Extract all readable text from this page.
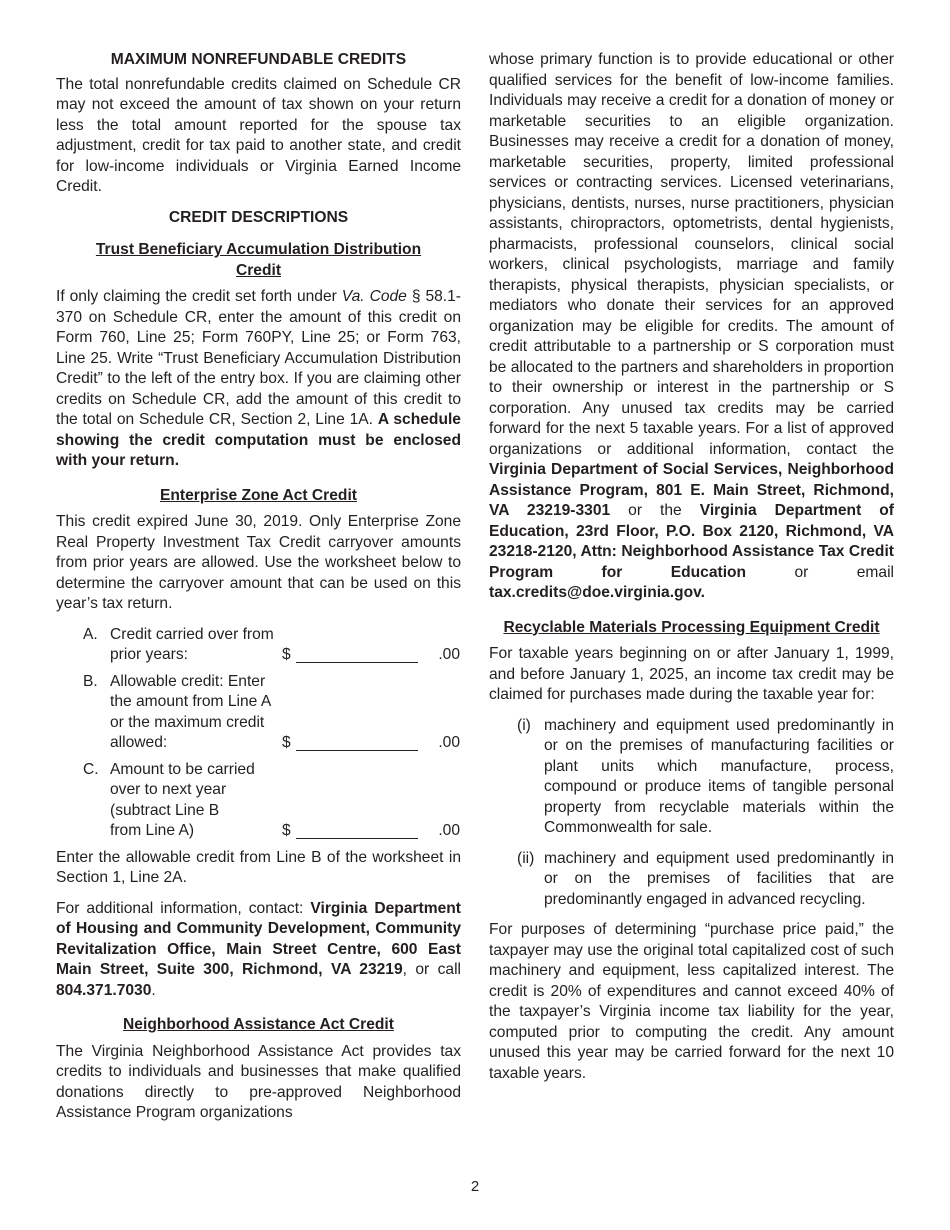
MAXIMUM NONREFUNDABLE CREDITS

The total nonrefundable credits claimed on Schedule CR may not exceed the amount of tax shown on your return less the total amount reported for the spouse tax adjustment, credit for tax paid to another state, and credit for low-income individuals or Virginia Earned Income Credit.

CREDIT DESCRIPTIONS
Trust Beneficiary Accumulation Distribution Credit

If only claiming the credit set forth under Va. Code § 58.1-370 on Schedule CR, enter the amount of this credit on Form 760, Line 25; Form 760PY, Line 25; or Form 763, Line 25. Write “Trust Beneficiary Accumulation Distribution Credit” to the left of the entry box. If you are claiming other credits on Schedule CR, add the amount of this credit to the total on Schedule CR, Section 2, Line 1A. A schedule showing the credit computation must be enclosed with your return.

Enterprise Zone Act Credit

This credit expired June 30, 2019. Only Enterprise Zone Real Property Investment Tax Credit carryover amounts from prior years are allowed. Use the worksheet below to determine the carryover amount that can be used on this year’s tax return.

A. Credit carried over from
prior years:	$	.00
B. Allowable credit: Enter
the amount from Line A
or the maximum credit
allowed:	$	.00
C. Amount to be carried
over to next year
(subtract Line B
from Line A)	$	.00

Enter the allowable credit from Line B of the worksheet in Section 1, Line 2A.

For additional information, contact: Virginia Department of Housing and Community Development, Community Revitalization Office, Main Street Centre, 600 East Main Street, Suite 300, Richmond, VA 23219, or call 804.371.7030.

Neighborhood Assistance Act Credit

The Virginia Neighborhood Assistance Act provides tax credits to individuals and businesses that make qualified donations directly to pre-approved Neighborhood Assistance Program organizations

whose primary function is to provide educational or other qualified services for the benefit of low-income families. Individuals may receive a credit for a donation of money or marketable securities to an eligible organization. Businesses may receive a credit for a donation of money, marketable securities, property, limited professional services or contracting services. Licensed veterinarians, physicians, dentists, nurses, nurse practitioners, physician assistants, chiropractors, optometrists, dental hygienists, pharmacists, professional counselors, clinical social workers, clinical psychologists, marriage and family therapists, physical therapists, physician specialists, or mediators who donate their services for an approved organization may be eligible for credits. The amount of credit attributable to a partnership or S corporation must be allocated to the partners and shareholders in proportion to their ownership or interest in the partnership or S corporation. Any unused tax credits may be carried forward for the next 5 taxable years. For a list of approved organizations or additional information, contact the Virginia Department of Social Services, Neighborhood Assistance Program, 801 E. Main Street, Richmond, VA 23219-3301 or the Virginia Department of Education, 23rd Floor, P.O. Box 2120, Richmond, VA 23218-2120, Attn: Neighborhood Assistance Tax Credit Program for Education or email tax.credits@doe.virginia.gov.

Recyclable Materials Processing Equipment Credit

For taxable years beginning on or after January 1, 1999, and before January 1, 2025, an income tax credit may be claimed for purchases made during the taxable year for:

(i) machinery and equipment used predominantly in or on the premises of manufacturing facilities or plant units which manufacture, process, compound or produce items of tangible personal property from recyclable materials within the Commonwealth for sale.

(ii) machinery and equipment used predominantly in or on the premises of facilities that are predominantly engaged in advanced recycling.

For purposes of determining “purchase price paid,” the taxpayer may use the original total capitalized cost of such machinery and equipment, less capitalized interest. The credit is 20% of expenditures and cannot exceed 40% of the taxpayer’s Virginia income tax liability for the year, computed prior to computing the credit. Any amount       unused this year may be carried forward for the next 10 taxable years.

2
